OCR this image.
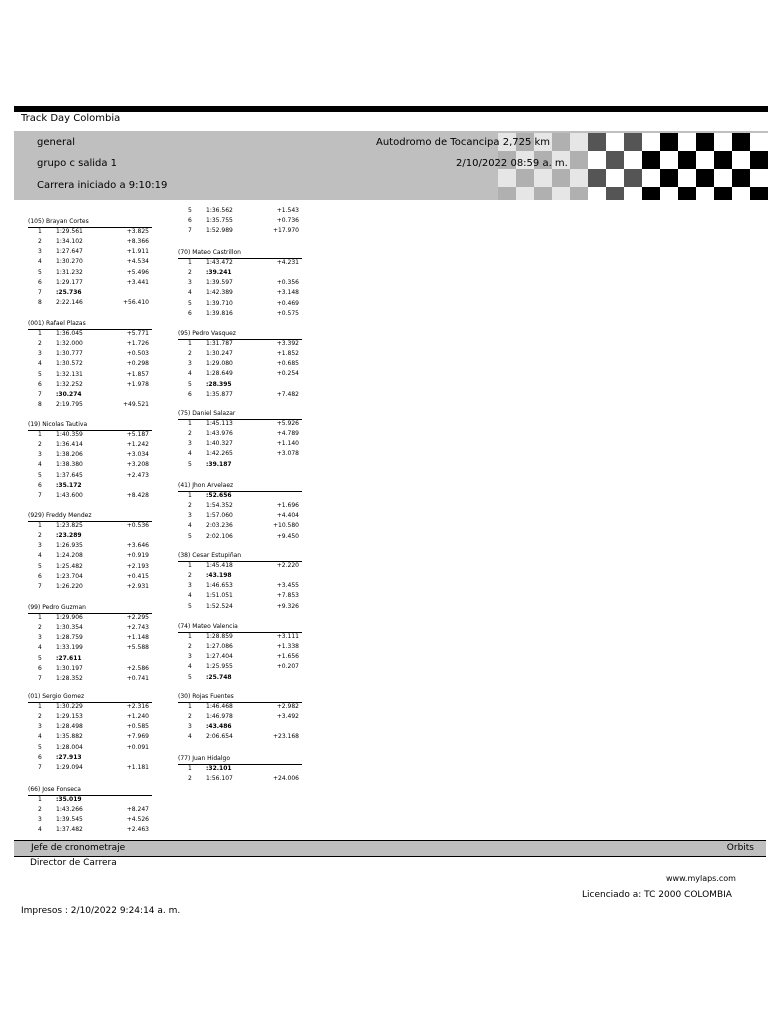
Track Day Colombia
general
grupo c salida 1
Carrera iniciado a 9:10:19
Autodromo de Tocancipa 2,725 km
2/10/2022 08:59 a. m.
(105) Brayan Cortes
1 1:29.561	+3.825
2 1:34.102	+8.366
3 1:27.647	+1.911
4 1:30.270	+4.534
5 1:31.232	+5.496
6 1:29.177	+3.441
7 :25.736
8 2:22.146	+56.410
(001) Rafael Plazas
1 1:36.045	+5.771
2 1:32.000	+1.726
3 1:30.777	+0.503
4 1:30.572	+0.298
5 1:32.131	+1.857
6 1:32.252	+1.978
7 :30.274
8 2:19.795	+49.521
(19) Nicolas Tautiva
1 1:40.359	+5.187
2 1:36.414	+1.242
3 1:38.206	+3.034
4 1:38.380	+3.208
5 1:37.645	+2.473
6 :35.172
7 1:43.600	+8.428
(929) Freddy Mendez
1 1:23.825	+0.536
2 :23.289
3 1:26.935	+3.646
4 1:24.208	+0.919
5 1:25.482	+2.193
6 1:23.704	+0.415
7 1:26.220	+2.931
(99) Pedro Guzman
1 1:29.906	+2.295
2 1:30.354	+2.743
3 1:28.759	+1.148
4 1:33.199	+5.588
5 :27.611
6 1:30.197	+2.586
7 1:28.352	+0.741
(01) Sergio Gomez
1 1:30.229	+2.316
2 1:29.153	+1.240
3 1:28.498	+0.585
4 1:35.882	+7.969
5 1:28.004	+0.091
6 :27.913
7 1:29.094	+1.181
(66) Jose Fonseca
1 :35.019
2 1:43.266	+8.247
3 1:39.545	+4.526
4 1:37.482	+2.463
5 1:36.562	+1.543
6 1:35.755	+0.736
7 1:52.989	+17.970
(70) Mateo Castrillon
1 1:43.472	+4.231
2 :39.241
3 1:39.597	+0.356
4 1:42.389	+3.148
5 1:39.710	+0.469
6 1:39.816	+0.575
(95) Pedro Vasquez
1 1:31.787	+3.392
2 1:30.247	+1.852
3 1:29.080	+0.685
4 1:28.649	+0.254
5 :28.395
6 1:35.877	+7.482
(75) Daniel Salazar
1 1:45.113	+5.926
2 1:43.976	+4.789
3 1:40.327	+1.140
4 1:42.265	+3.078
5 :39.187
(41) Jhon Arvelaez
1 :52.656
2 1:54.352	+1.696
3 1:57.060	+4.404
4 2:03.236	+10.580
5 2:02.106	+9.450
(38) Cesar Estupiñan
1 1:45.418	+2.220
2 :43.198
3 1:46.653	+3.455
4 1:51.051	+7.853
5 1:52.524	+9.326
(74) Mateo Valencia
1 1:28.859	+3.111
2 1:27.086	+1.338
3 1:27.404	+1.656
4 1:25.955	+0.207
5 :25.748
(30) Rojas Fuentes
1 1:46.468	+2.982
2 1:46.978	+3.492
3 :43.486
4 2:06.654	+23.168
(77) Juan Hidalgo
1 :32.101
2 1:56.107	+24.006
Jefe de cronometraje	Orbits
Director de Carrera
www.mylaps.com
Licenciado a: TC 2000 COLOMBIA
Impresos : 2/10/2022 9:24:14 a. m.
